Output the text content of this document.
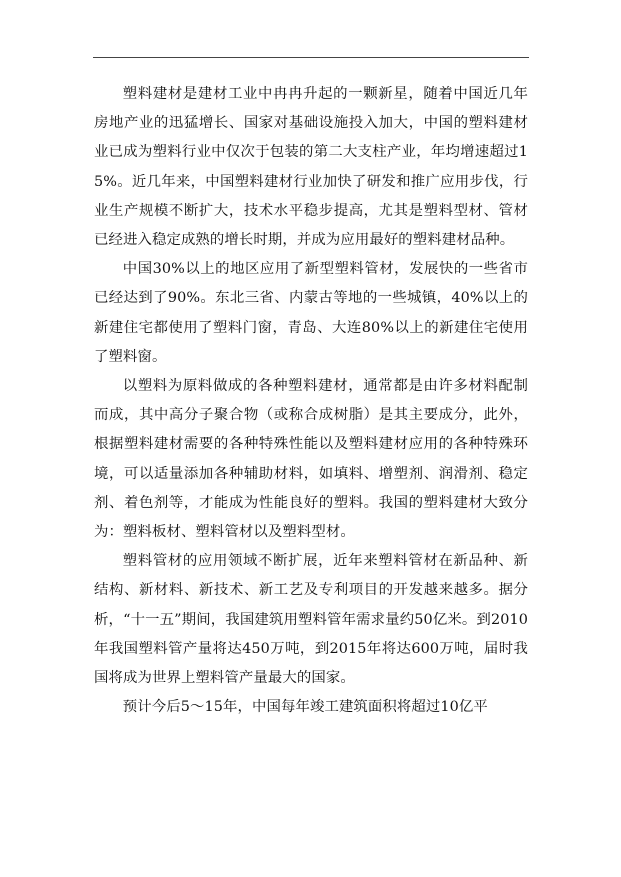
塑料建材是建材工业中冉冉升起的一颗新星，随着中国近几年房地产业的迅猛增长、国家对基础设施投入加大，中国的塑料建材业已成为塑料行业中仅次于包装的第二大支柱产业，年均增速超过15%。近几年来，中国塑料建材行业加快了研发和推广应用步伐，行业生产规模不断扩大，技术水平稳步提高，尤其是塑料型材、管材已经进入稳定成熟的增长时期，并成为应用最好的塑料建材品种。

中国30%以上的地区应用了新型塑料管材，发展快的一些省市已经达到了90%。东北三省、内蒙古等地的一些城镇，40%以上的新建住宅都使用了塑料门窗，青岛、大连80%以上的新建住宅使用了塑料窗。

以塑料为原料做成的各种塑料建材，通常都是由许多材料配制而成，其中高分子聚合物（或称合成树脂）是其主要成分，此外，根据塑料建材需要的各种特殊性能以及塑料建材应用的各种特殊环境，可以适量添加各种辅助材料，如填料、增塑剂、润滑剂、稳定剂、着色剂等，才能成为性能良好的塑料。我国的塑料建材大致分为：塑料板材、塑料管材以及塑料型材。

塑料管材的应用领域不断扩展，近年来塑料管材在新品种、新结构、新材料、新技术、新工艺及专利项目的开发越来越多。据分析，“十一五”期间，我国建筑用塑料管年需求量约50亿米。到2010年我国塑料管产量将达450万吨，到2015年将达600万吨，届时我国将成为世界上塑料管产量最大的国家。

预计今后5～15年，中国每年竣工建筑面积将超过10亿平
